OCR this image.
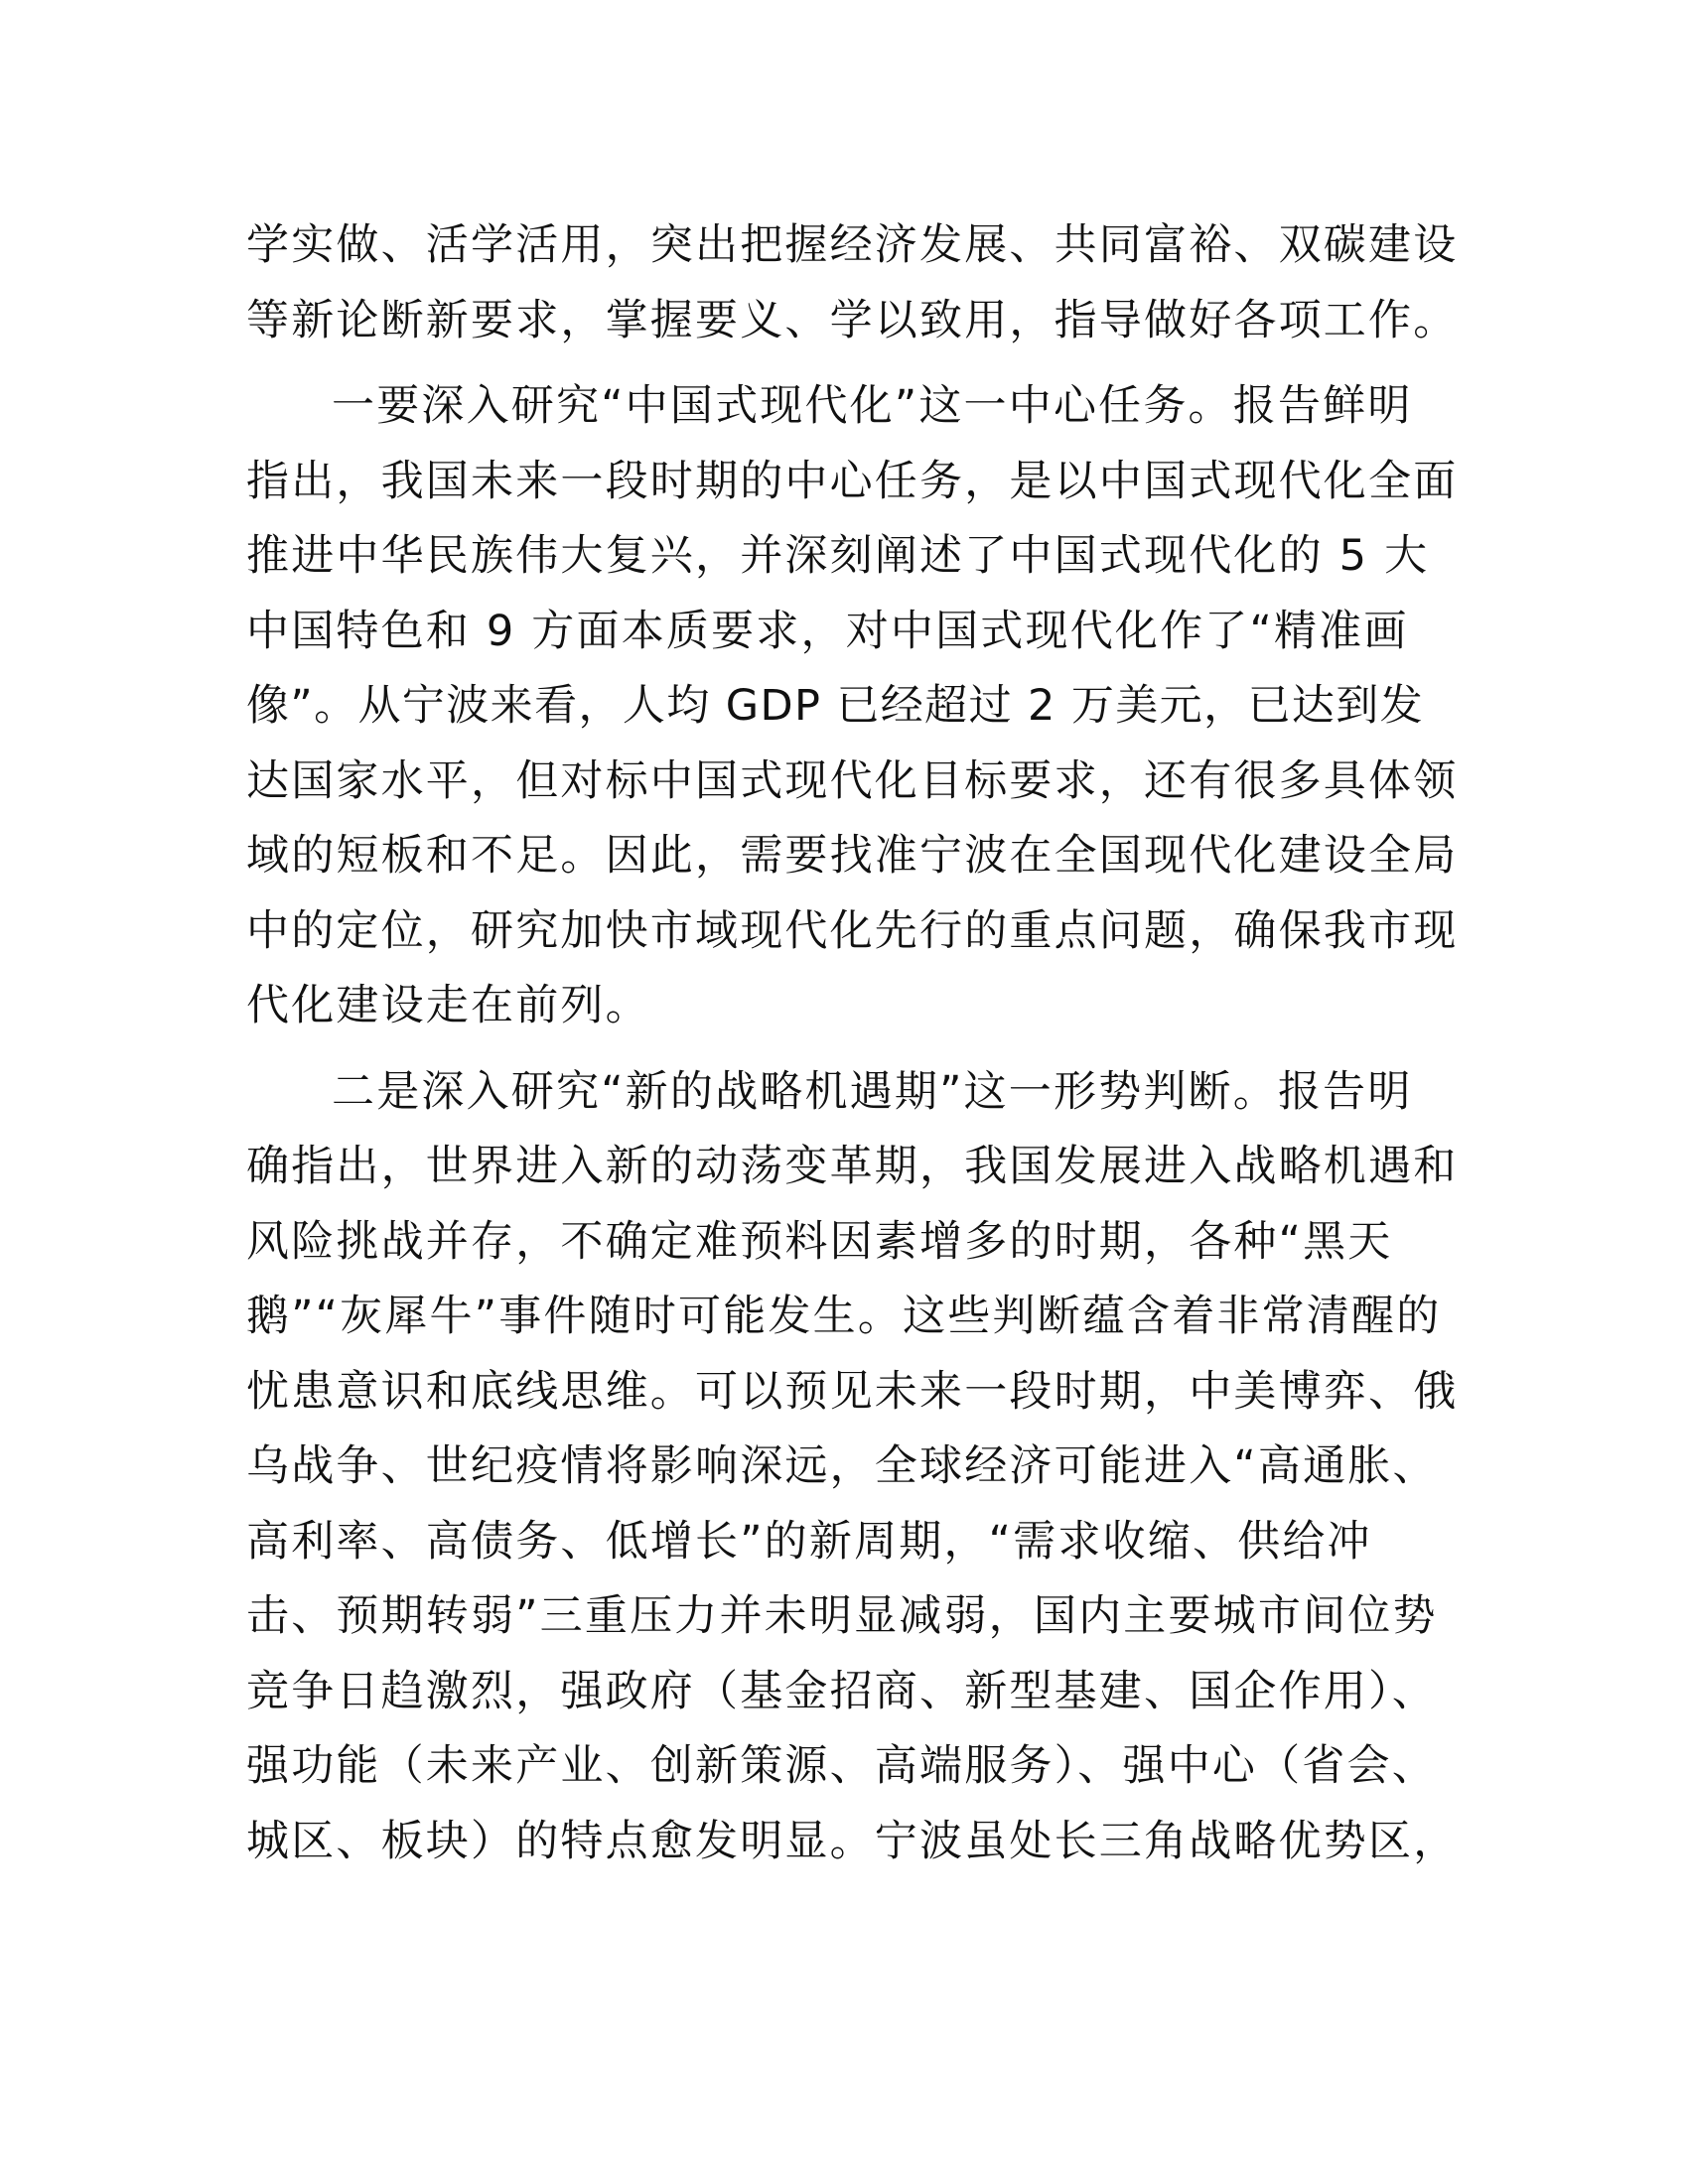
学实做、活学活用，突出把握经济发展、共同富裕、双碳建设
等新论断新要求，掌握要义、学以致用，指导做好各项工作。
一要深入研究“中国式现代化”这一中心任务。报告鲜明
指出，我国未来一段时期的中心任务，是以中国式现代化全面
推进中华民族伟大复兴，并深刻阐述了中国式现代化的 5 大
中国特色和 9 方面本质要求，对中国式现代化作了“精准画
像”。从宁波来看，人均 GDP 已经超过 2 万美元，已达到发
达国家水平，但对标中国式现代化目标要求，还有很多具体领
域的短板和不足。因此，需要找准宁波在全国现代化建设全局
中的定位，研究加快市域现代化先行的重点问题，确保我市现
代化建设走在前列。
二是深入研究“新的战略机遇期”这一形势判断。报告明
确指出，世界进入新的动荡变革期，我国发展进入战略机遇和
风险挑战并存，不确定难预料因素增多的时期，各种“黑天
鹅”“灰犀牛”事件随时可能发生。这些判断蕴含着非常清醒的
忧患意识和底线思维。可以预见未来一段时期，中美博弈、俄
乌战争、世纪疫情将影响深远，全球经济可能进入“高通胀、
高利率、高债务、低增长”的新周期，“需求收缩、供给冲
击、预期转弱”三重压力并未明显减弱，国内主要城市间位势
竞争日趋激烈，强政府（基金招商、新型基建、国企作用）、
强功能（未来产业、创新策源、高端服务）、强中心（省会、
城区、板块）的特点愈发明显。宁波虽处长三角战略优势区，
